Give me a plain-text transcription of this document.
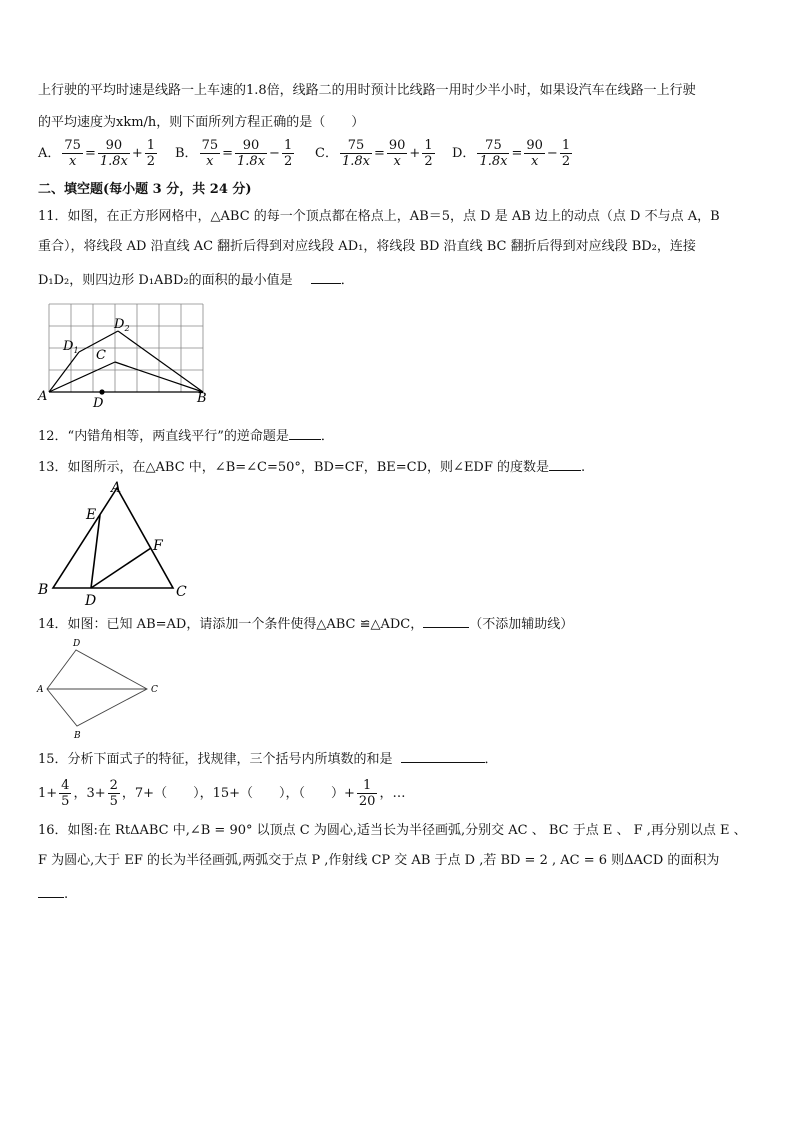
上行驶的平均时速是线路一上车速的1.8倍，线路二的用时预计比线路一用时少半小时，如果设汽车在线路一上行驶
的平均速度为xkm/h，则下面所列方程正确的是（　　）
A． $\frac{75}{x} = \frac{90}{1.8x} + \frac{1}{2}$ B． $\frac{75}{x} = \frac{90}{1.8x} - \frac{1}{2}$ C． $\frac{75}{1.8x} = \frac{90}{x} + \frac{1}{2}$ D． $\frac{75}{1.8x} = \frac{90}{x} - \frac{1}{2}$
二、填空题(每小题 3 分，共 24 分)
11．如图，在正方形网格中，△ABC 的每一个顶点都在格点上，AB＝5，点 D 是 AB 边上的动点（点 D 不与点 A，B
重合），将线段 AD 沿直线 AC 翻折后得到对应线段 AD₁，将线段 BD 沿直线 BC 翻折后得到对应线段 BD₂，连接
D₁D₂，则四边形 D₁ABD₂的面积的最小值是	．
A	B
C
D
$D_1$
$D_2$
12．“内错角相等，两直线平行”的逆命题是 ．
13．如图所示，在△ABC 中，∠B=∠C=50°，BD=CF，BE=CD，则∠EDF 的度数是 .
A
B	C
D
E
F
14．如图：已知 AB=AD，请添加一个条件使得△ABC ≌△ADC，	（不添加辅助线）
D
A	C
B
15．分析下面式子的特征，找规律，三个括号内所填数的和是	．
$1+ \frac{4}{5}$ ，$3+ \frac{2}{5}$ ，7+（　　），15+（　　），（　　）+ $\frac{1}{20}$ ，…
16．如图:在 RtΔABC 中,∠B = 90° 以顶点 C 为圆心,适当长为半径画弧,分别交 AC 、 BC 于点 E 、 F ,再分别以点 E 、
F 为圆心,大于 EF 的长为半径画弧,两弧交于点 P ,作射线 CP 交 AB 于点 D ,若 BD = 2 , AC = 6 则ΔACD 的面积为
.
